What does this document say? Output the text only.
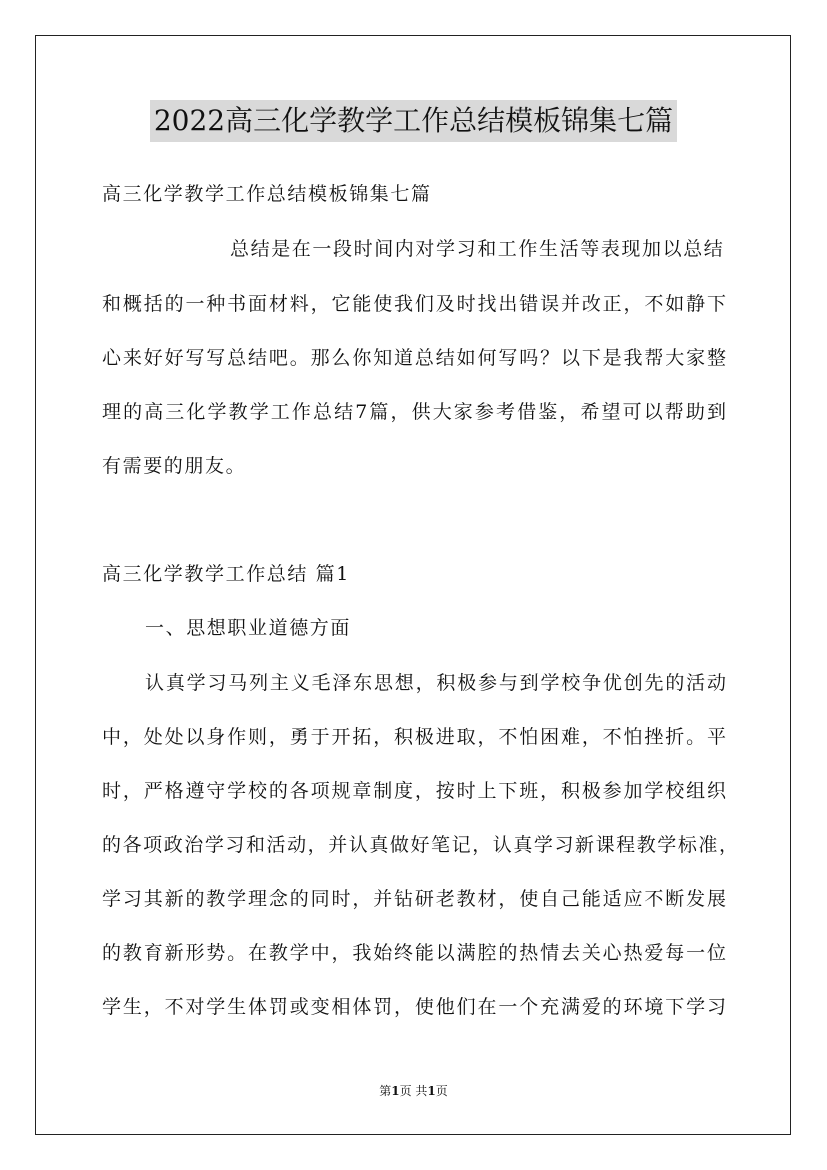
2022高三化学教学工作总结模板锦集七篇
高三化学教学工作总结模板锦集七篇
总结是在一段时间内对学习和工作生活等表现加以总结
和概括的一种书面材料，它能使我们及时找出错误并改正，不如静下
心来好好写写总结吧。那么你知道总结如何写吗？以下是我帮大家整
理的高三化学教学工作总结7篇，供大家参考借鉴，希望可以帮助到
有需要的朋友。
高三化学教学工作总结 篇1
一、思想职业道德方面
认真学习马列主义毛泽东思想，积极参与到学校争优创先的活动
中，处处以身作则，勇于开拓，积极进取，不怕困难，不怕挫折。平
时，严格遵守学校的各项规章制度，按时上下班，积极参加学校组织
的各项政治学习和活动，并认真做好笔记，认真学习新课程教学标准，
学习其新的教学理念的同时，并钻研老教材，使自己能适应不断发展
的教育新形势。在教学中，我始终能以满腔的热情去关心热爱每一位
学生，不对学生体罚或变相体罚，使他们在一个充满爱的环境下学习
第1页 共1页
